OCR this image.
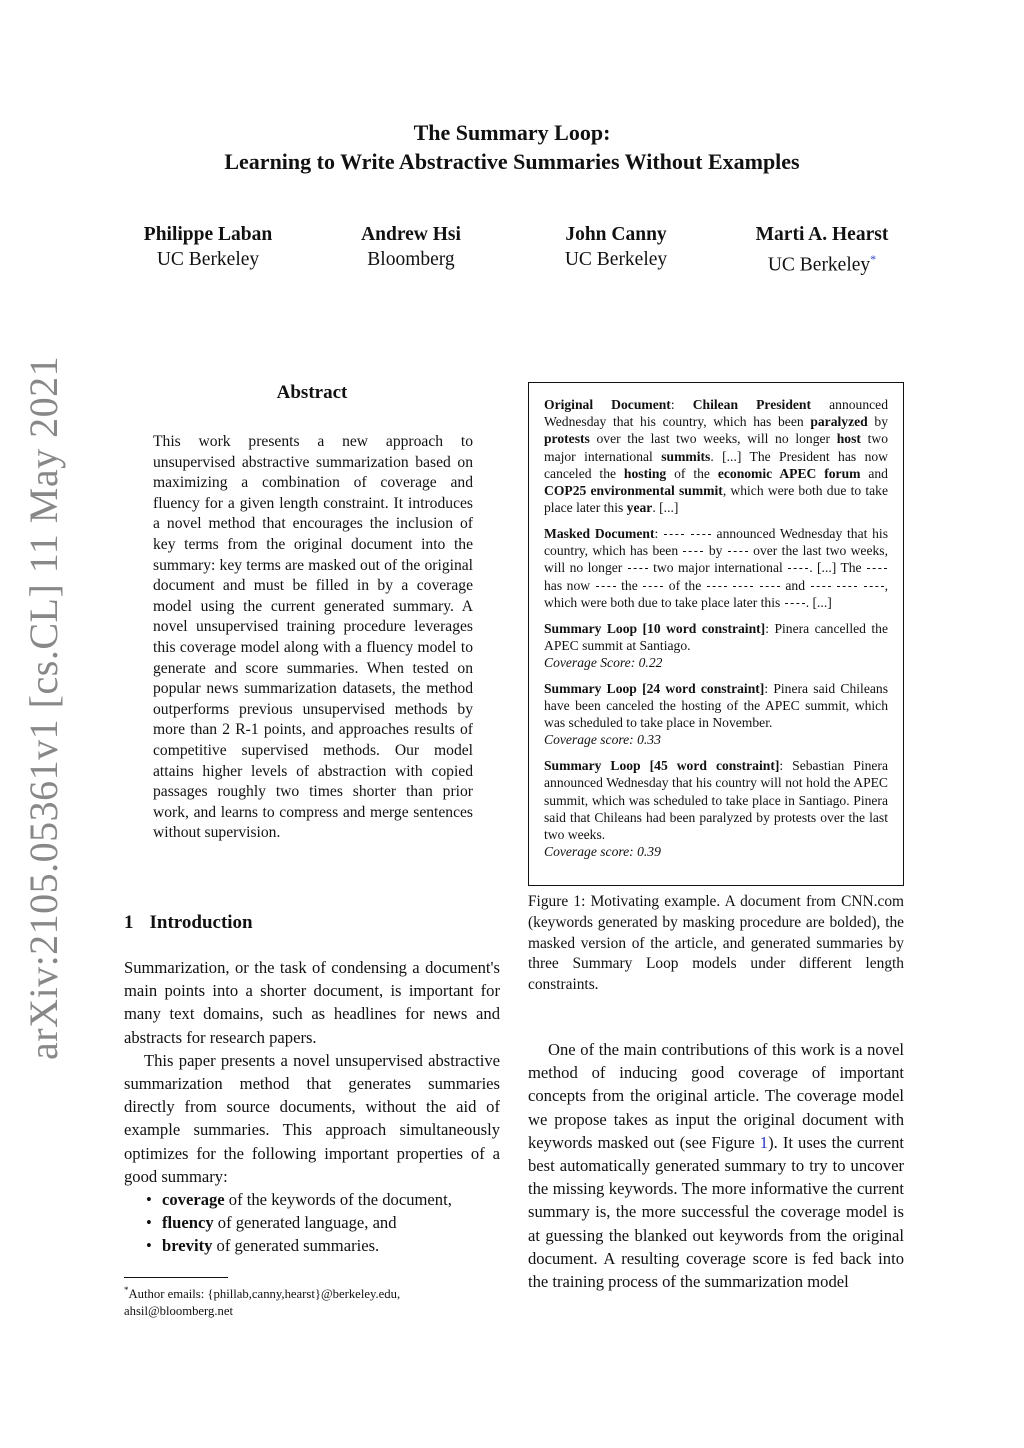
arXiv:2105.05361v1 [cs.CL] 11 May 2021
The Summary Loop:
Learning to Write Abstractive Summaries Without Examples
Philippe Laban
UC Berkeley
Andrew Hsi
Bloomberg
John Canny
UC Berkeley
Marti A. Hearst
UC Berkeley*
Abstract
This work presents a new approach to unsupervised abstractive summarization based on maximizing a combination of coverage and fluency for a given length constraint. It introduces a novel method that encourages the inclusion of key terms from the original document into the summary: key terms are masked out of the original document and must be filled in by a coverage model using the current generated summary. A novel unsupervised training procedure leverages this coverage model along with a fluency model to generate and score summaries. When tested on popular news summarization datasets, the method outperforms previous unsupervised methods by more than 2 R-1 points, and approaches results of competitive supervised methods. Our model attains higher levels of abstraction with copied passages roughly two times shorter than prior work, and learns to compress and merge sentences without supervision.
1 Introduction

Summarization, or the task of condensing a document's main points into a shorter document, is important for many text domains, such as headlines for news and abstracts for research papers.

This paper presents a novel unsupervised abstractive summarization method that generates summaries directly from source documents, without the aid of example summaries. This approach simultaneously optimizes for the following important properties of a good summary:

• coverage of the keywords of the document,
• fluency of generated language, and
• brevity of generated summaries.
*Author emails: {phillab,canny,hearst}@berkeley.edu, ahsil@bloomberg.net

Original Document: Chilean President announced Wednesday that his country, which has been paralyzed by protests over the last two weeks, will no longer host two major international summits. [...] The President has now canceled the hosting of the economic APEC forum and COP25 environmental summit, which were both due to take place later this year. [...]

Masked Document:	announced Wednesday that his country, which has been  by  over the last two weeks, will no longer  two major international . [...] The  has now  the  of the	and	, which were both due to take place later this . [...]

Summary Loop [10 word constraint]: Pinera cancelled the APEC summit at Santiago.
Coverage Score: 0.22

Summary Loop [24 word constraint]: Pinera said Chileans have been canceled the hosting of the APEC summit, which was scheduled to take place in November.
Coverage score: 0.33

Summary Loop [45 word constraint]: Sebastian Pinera announced Wednesday that his country will not hold the APEC summit, which was scheduled to take place in Santiago. Pinera said that Chileans had been paralyzed by protests over the last two weeks.
Coverage score: 0.39

Figure 1: Motivating example. A document from CNN.com (keywords generated by masking procedure are bolded), the masked version of the article, and generated summaries by three Summary Loop models under different length constraints.

One of the main contributions of this work is a novel method of inducing good coverage of important concepts from the original article. The coverage model we propose takes as input the original document with keywords masked out (see Figure 1). It uses the current best automatically generated summary to try to uncover the missing keywords. The more informative the current summary is, the more successful the coverage model is at guessing the blanked out keywords from the original document. A resulting coverage score is fed back into the training process of the summarization model
